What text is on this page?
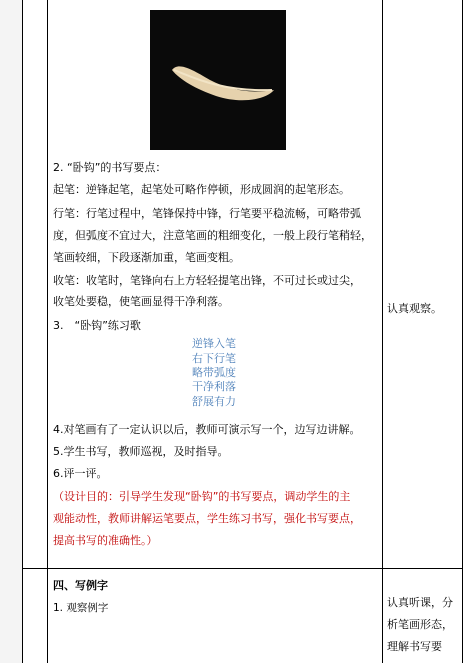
2. “卧钩”的书写要点：
起笔：逆锋起笔，起笔处可略作停顿，形成圆润的起笔形态。
行笔：行笔过程中，笔锋保持中锋，行笔要平稳流畅，可略带弧
度，但弧度不宜过大，注意笔画的粗细变化，一般上段行笔稍轻，
笔画较细，下段逐渐加重，笔画变粗。
收笔：收笔时，笔锋向右上方轻轻提笔出锋，不可过长或过尖，
收笔处要稳，使笔画显得干净利落。
3.　“卧钩”练习歌
逆锋入笔
右下行笔
略带弧度
干净利落
舒展有力
4.对笔画有了一定认识以后，教师可演示写一个，边写边讲解。
5.学生书写，教师巡视，及时指导。
6.评一评。
（设计目的：引导学生发现“卧钩”的书写要点，调动学生的主
观能动性，教师讲解运笔要点，学生练习书写，强化书写要点，
提高书写的准确性。）
四、写例字
1. 观察例字
认真观察。
认真听课，分
析笔画形态，
理解书写要
